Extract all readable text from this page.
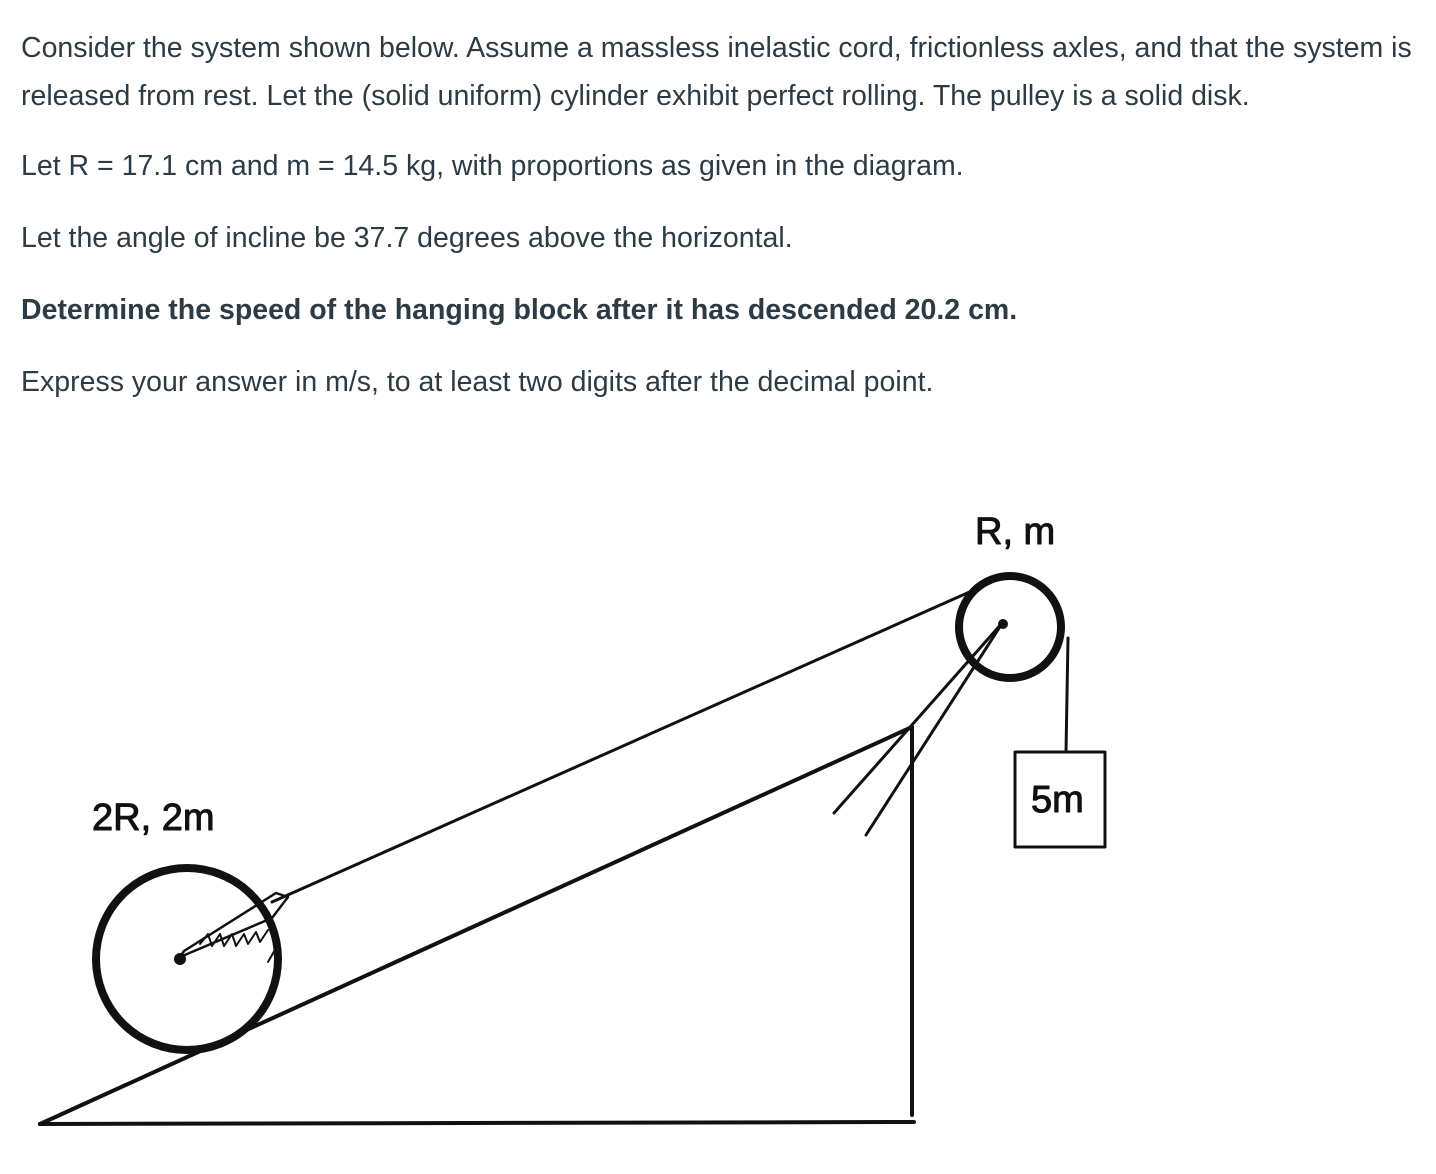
Consider the system shown below. Assume a massless inelastic cord, frictionless axles, and that the system is released from rest. Let the (solid uniform) cylinder exhibit perfect rolling. The pulley is a solid disk.

Let R = 17.1 cm and m = 14.5 kg, with proportions as given in the diagram.

Let the angle of incline be 37.7 degrees above the horizontal.

Determine the speed of the hanging block after it has descended 20.2 cm.

Express your answer in m/s, to at least two digits after the decimal point.

R, m
2R, 2m	5m
